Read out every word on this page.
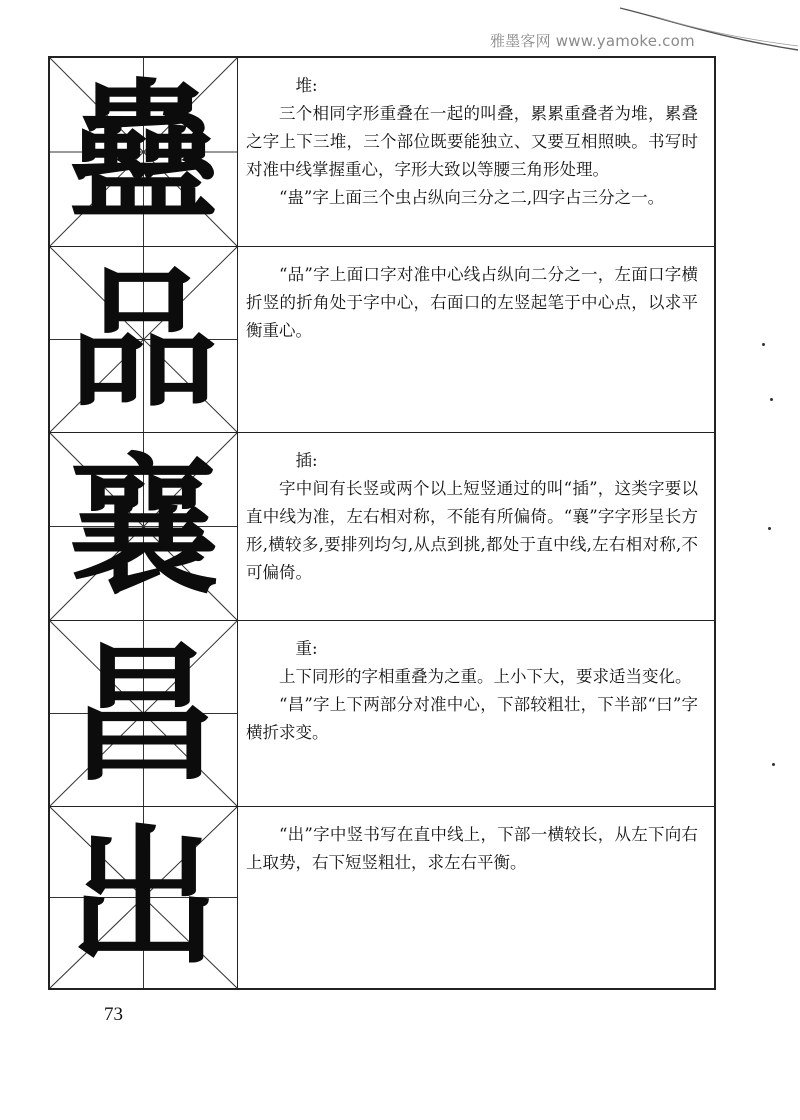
雅墨客网 www.yamoke.com
蠱	堆:

三个相同字形重叠在一起的叫叠，累累重叠者为堆，累叠之字上下三堆，三个部位既要能独立、又要互相照映。书写时对准中线掌握重心，字形大致以等腰三角形处理。

“蛊”字上面三个虫占纵向三分之二,四字占三分之一。

品	“品”字上面口字对准中心线占纵向二分之一，左面口字横折竖的折角处于字中心，右面口的左竖起笔于中心点，以求平衡重心。

襄	插:

字中间有长竖或两个以上短竖通过的叫“插”，这类字要以直中线为准，左右相对称，不能有所偏倚。“襄”字字形呈长方形,横较多,要排列均匀,从点到挑,都处于直中线,左右相对称,不可偏倚。

昌	重:

上下同形的字相重叠为之重。上小下大，要求适当变化。

“昌”字上下两部分对准中心，下部较粗壮，下半部“曰”字横折求变。

出	“出”字中竖书写在直中线上，下部一横较长，从左下向右上取势，右下短竖粗壮，求左右平衡。

73
